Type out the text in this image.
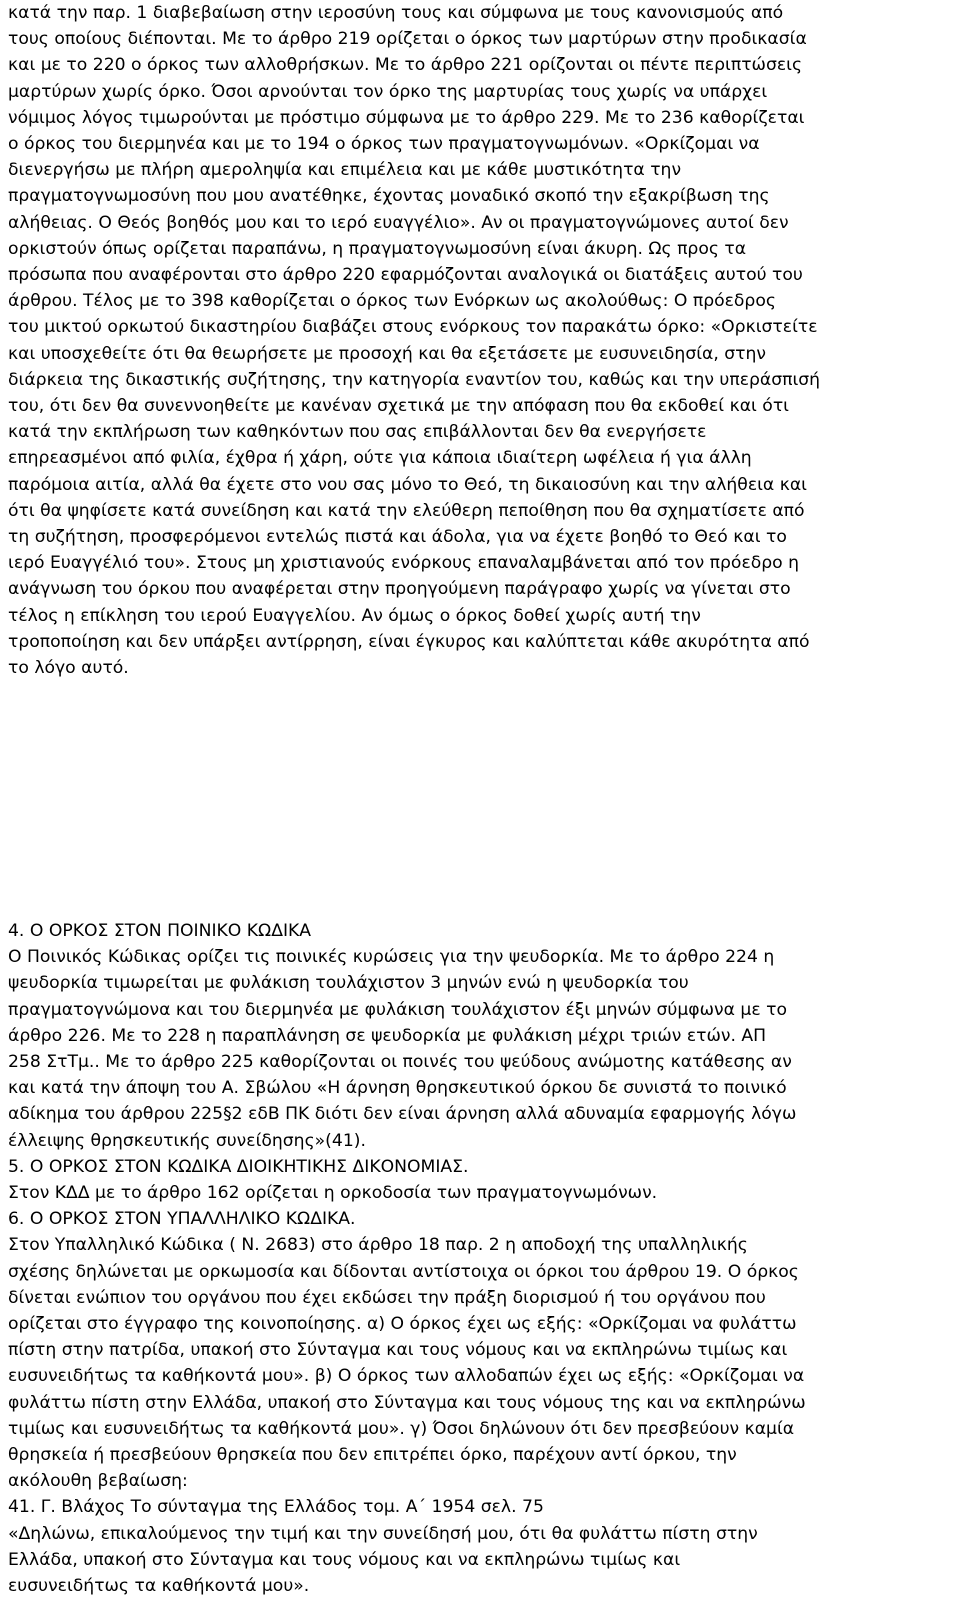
κατά την παρ. 1 διαβεβαίωση στην ιεροσύνη τους και σύμφωνα με τους κανονισμούς από
τους οποίους διέπονται. Με το άρθρο 219 ορίζεται ο όρκος των μαρτύρων στην προδικασία
και με το 220 ο όρκος των αλλοθρήσκων. Με το άρθρο 221 ορίζονται οι πέντε περιπτώσεις
μαρτύρων χωρίς όρκο. Όσοι αρνούνται τον όρκο της μαρτυρίας τους χωρίς να υπάρχει
νόμιμος λόγος τιμωρούνται με πρόστιμο σύμφωνα με το άρθρο 229. Με το 236 καθορίζεται
ο όρκος του διερμηνέα και με το 194 ο όρκος των πραγματογνωμόνων. «Ορκίζομαι να
διενεργήσω με πλήρη αμεροληψία και επιμέλεια και με κάθε μυστικότητα την
πραγματογνωμοσύνη που μου ανατέθηκε, έχοντας μοναδικό σκοπό την εξακρίβωση της
αλήθειας. Ο Θεός βοηθός μου και το ιερό ευαγγέλιο». Αν οι πραγματογνώμονες αυτοί δεν
ορκιστούν όπως ορίζεται παραπάνω, η πραγματογνωμοσύνη είναι άκυρη. Ως προς τα
πρόσωπα που αναφέρονται στο άρθρο 220 εφαρμόζονται αναλογικά οι διατάξεις αυτού του
άρθρου. Τέλος με το 398 καθορίζεται ο όρκος των Ενόρκων ως ακολούθως: Ο πρόεδρος
του μικτού ορκωτού δικαστηρίου διαβάζει στους ενόρκους τον παρακάτω όρκο: «Ορκιστείτε
και υποσχεθείτε ότι θα θεωρήσετε με προσοχή και θα εξετάσετε με ευσυνειδησία, στην
διάρκεια της δικαστικής συζήτησης, την κατηγορία εναντίον του, καθώς και την υπεράσπισή
του, ότι δεν θα συνεννοηθείτε με κανέναν σχετικά με την απόφαση που θα εκδοθεί και ότι
κατά την εκπλήρωση των καθηκόντων που σας επιβάλλονται δεν θα ενεργήσετε
επηρεασμένοι από φιλία, έχθρα ή χάρη, ούτε για κάποια ιδιαίτερη ωφέλεια ή για άλλη
παρόμοια αιτία, αλλά θα έχετε στο νου σας μόνο το Θεό, τη δικαιοσύνη και την αλήθεια και
ότι θα ψηφίσετε κατά συνείδηση και κατά την ελεύθερη πεποίθηση που θα σχηματίσετε από
τη συζήτηση, προσφερόμενοι εντελώς πιστά και άδολα, για να έχετε βοηθό το Θεό και το
ιερό Ευαγγέλιό του». Στους μη χριστιανούς ενόρκους επαναλαμβάνεται από τον πρόεδρο η
ανάγνωση του όρκου που αναφέρεται στην προηγούμενη παράγραφο χωρίς να γίνεται στο
τέλος η επίκληση του ιερού Ευαγγελίου. Αν όμως ο όρκος δοθεί χωρίς αυτή την
τροποποίηση και δεν υπάρξει αντίρρηση, είναι έγκυρος και καλύπτεται κάθε ακυρότητα από
το λόγο αυτό.
4. Ο ΟΡΚΟΣ ΣΤΟΝ ΠΟΙΝΙΚΟ ΚΩΔΙΚΑ
Ο Ποινικός Κώδικας ορίζει τις ποινικές κυρώσεις για την ψευδορκία. Με το άρθρο 224 η
ψευδορκία τιμωρείται με φυλάκιση τουλάχιστον 3 μηνών ενώ η ψευδορκία του
πραγματογνώμονα και του διερμηνέα με φυλάκιση τουλάχιστον έξι μηνών σύμφωνα με το
άρθρο 226. Με το 228 η παραπλάνηση σε ψευδορκία με φυλάκιση μέχρι τριών ετών. ΑΠ
258 ΣτΤμ.. Με το άρθρο 225 καθορίζονται οι ποινές του ψεύδους ανώμοτης κατάθεσης αν
και κατά την άποψη του Α. Σβώλου «Η άρνηση θρησκευτικού όρκου δε συνιστά το ποινικό
αδίκημα του άρθρου 225§2 εδΒ ΠΚ διότι δεν είναι άρνηση αλλά αδυναμία εφαρμογής λόγω
έλλειψης θρησκευτικής συνείδησης»(41).
5. Ο ΟΡΚΟΣ ΣΤΟΝ ΚΩΔΙΚΑ ΔΙΟΙΚΗΤΙΚΗΣ ΔΙΚΟΝΟΜΙΑΣ.
Στον ΚΔΔ με το άρθρο 162 ορίζεται η ορκοδοσία των πραγματογνωμόνων.
6. Ο ΟΡΚΟΣ ΣΤΟΝ ΥΠΑΛΛΗΛΙΚΟ ΚΩΔΙΚΑ.
Στον Υπαλληλικό Κώδικα ( Ν. 2683) στο άρθρο 18 παρ. 2 η αποδοχή της υπαλληλικής
σχέσης δηλώνεται με ορκωμοσία και δίδονται αντίστοιχα οι όρκοι του άρθρου 19. Ο όρκος
δίνεται ενώπιον του οργάνου που έχει εκδώσει την πράξη διορισμού ή του οργάνου που
ορίζεται στο έγγραφο της κοινοποίησης. α) Ο όρκος έχει ως εξής: «Ορκίζομαι να φυλάττω
πίστη στην πατρίδα, υπακοή στο Σύνταγμα και τους νόμους και να εκπληρώνω τιμίως και
ευσυνειδήτως τα καθήκοντά μου». β) Ο όρκος των αλλοδαπών έχει ως εξής: «Ορκίζομαι να
φυλάττω πίστη στην Ελλάδα, υπακοή στο Σύνταγμα και τους νόμους της και να εκπληρώνω
τιμίως και ευσυνειδήτως τα καθήκοντά μου». γ) Όσοι δηλώνουν ότι δεν πρεσβεύουν καμία
θρησκεία ή πρεσβεύουν θρησκεία που δεν επιτρέπει όρκο, παρέχουν αντί όρκου, την
ακόλουθη βεβαίωση:
41. Γ. Βλάχος Το σύνταγμα της Ελλάδος τομ. Α΄ 1954 σελ. 75
«Δηλώνω, επικαλούμενος την τιμή και την συνείδησή μου, ότι θα φυλάττω πίστη στην
Ελλάδα, υπακοή στο Σύνταγμα και τους νόμους και να εκπληρώνω τιμίως και
ευσυνειδήτως τα καθήκοντά μου».
